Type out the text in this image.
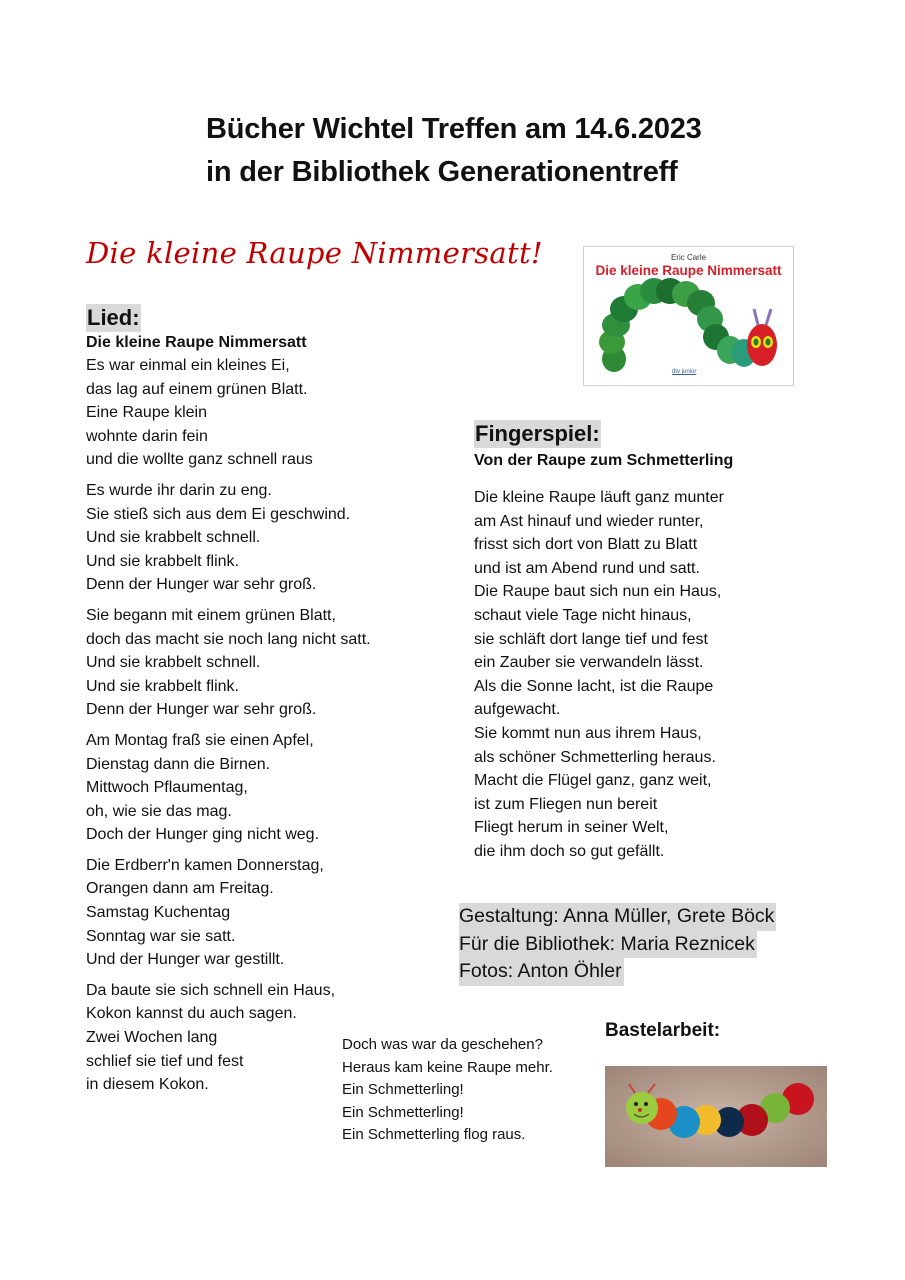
Bücher Wichtel Treffen am 14.6.2023
in der Bibliothek Generationentreff
Die kleine Raupe Nimmersatt!	Eric Carle
Die kleine Raupe Nimmersatt
dtv junior
Lied:
Die kleine Raupe Nimmersatt
Es war einmal ein kleines Ei,
das lag auf einem grünen Blatt.
Eine Raupe klein
wohnte darin fein
und die wollte ganz schnell raus
Es wurde ihr darin zu eng.
Sie stieß sich aus dem Ei geschwind.
Und sie krabbelt schnell.
Und sie krabbelt flink.
Denn der Hunger war sehr groß.
Sie begann mit einem grünen Blatt,
doch das macht sie noch lang nicht satt.
Und sie krabbelt schnell.
Und sie krabbelt flink.
Denn der Hunger war sehr groß.
Am Montag fraß sie einen Apfel,
Dienstag dann die Birnen.
Mittwoch Pflaumentag,
oh, wie sie das mag.
Doch der Hunger ging nicht weg.
Die Erdberr'n kamen Donnerstag,
Orangen dann am Freitag.
Samstag Kuchentag
Sonntag war sie satt.
Und der Hunger war gestillt.
Da baute sie sich schnell ein Haus,
Kokon kannst du auch sagen.
Zwei Wochen lang
schlief sie tief und fest
in diesem Kokon.
Doch was war da geschehen?
Heraus kam keine Raupe mehr.
Ein Schmetterling!
Ein Schmetterling!
Ein Schmetterling flog raus.
Fingerspiel:
Von der Raupe zum Schmetterling
Die kleine Raupe läuft ganz munter
am Ast hinauf und wieder runter,
frisst sich dort von Blatt zu Blatt
und ist am Abend rund und satt.
Die Raupe baut sich nun ein Haus,
schaut viele Tage nicht hinaus,
sie schläft dort lange tief und fest
ein Zauber sie verwandeln lässt.
Als die Sonne lacht, ist die Raupe
aufgewacht.
Sie kommt nun aus ihrem Haus,
als schöner Schmetterling heraus.
Macht die Flügel ganz, ganz weit,
ist zum Fliegen nun bereit
Fliegt herum in seiner Welt,
die ihm doch so gut gefällt.
Gestaltung: Anna Müller, Grete Böck
Für die Bibliothek: Maria Reznicek
Fotos: Anton Öhler
Bastelarbeit:
